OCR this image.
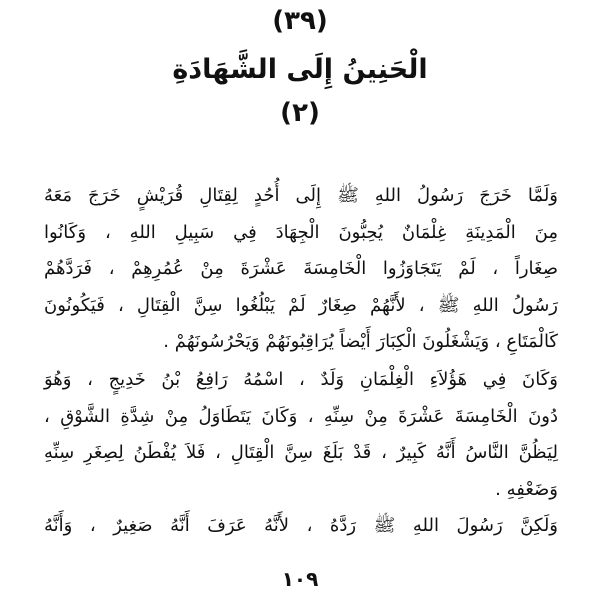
(٣٩)
الْحَنِينُ إِلَى الشَّهَادَةِ
(٢)
وَلَمَّا خَرَجَ رَسُولُ اللهِ ﷺ إِلَى أُحُدٍ لِقِتَالِ قُرَيْشٍ خَرَجَ مَعَهُ
مِنَ الْمَدِينَةِ غِلْمَانٌ يُحِبُّونَ الْجِهَادَ فِي سَبِيلِ اللهِ ، وَكَانُوا
صِغَاراً ، لَمْ يَتَجَاوَزُوا الْخَامِسَةَ عَشْرَةَ مِنْ عُمُرِهِمْ ، فَرَدَّهُمْ
رَسُولُ اللهِ ﷺ ، لأَنَّهُمْ صِغَارٌ لَمْ يَبْلُغُوا سِنَّ الْقِتَالِ ، فَيَكُونُونَ
كَالْمَتَاعِ ، وَيَشْغَلُونَ الْكِبَارَ أَيْضاً يُرَاقِبُونَهُمْ وَيَحْرُسُونَهُمْ .
وَكَانَ فِي هَؤُلاَءِ الْغِلْمَانِ وَلَدٌ ، اسْمُهُ رَافِعُ بْنُ خَدِيجٍ ، وَهُوَ
دُونَ الْخَامِسَةَ عَشْرَةَ مِنْ سِنِّهِ ، وَكَانَ يَتَطَاوَلُ مِنْ شِدَّةِ الشَّوْقِ ،
لِيَظُنَّ النَّاسُ أَنَّهُ كَبِيرٌ ، قَدْ بَلَغَ سِنَّ الْقِتَالِ ، فَلاَ يُفْطَنُ لِصِغَرِ سِنِّهِ
وَضَعْفِهِ .
وَلَكِنَّ رَسُولَ اللهِ ﷺ رَدَّهُ ، لأَنَّهُ عَرَفَ أَنَّهُ صَغِيرٌ ، وَأَنَّهُ
١٠٩
